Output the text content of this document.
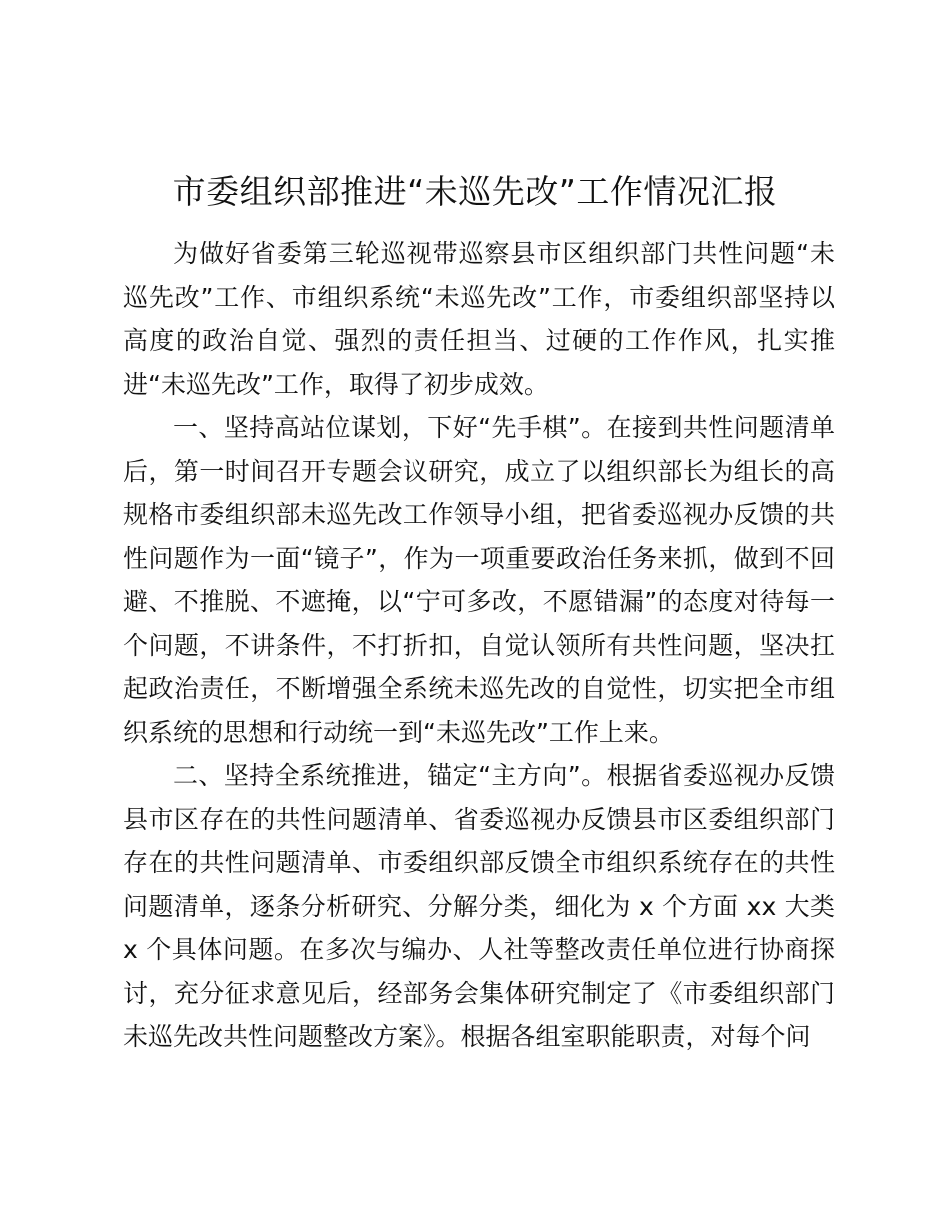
市委组织部推进“未巡先改”工作情况汇报

为做好省委第三轮巡视带巡察县市区组织部门共性问题“未巡先改”工作、市组织系统“未巡先改”工作，市委组织部坚持以高度的政治自觉、强烈的责任担当、过硬的工作作风，扎实推进“未巡先改”工作，取得了初步成效。

一、坚持高站位谋划，下好“先手棋”。在接到共性问题清单后，第一时间召开专题会议研究，成立了以组织部长为组长的高规格市委组织部未巡先改工作领导小组，把省委巡视办反馈的共性问题作为一面“镜子”，作为一项重要政治任务来抓，做到不回避、不推脱、不遮掩，以“宁可多改，不愿错漏”的态度对待每一个问题，不讲条件，不打折扣，自觉认领所有共性问题，坚决扛起政治责任，不断增强全系统未巡先改的自觉性，切实把全市组织系统的思想和行动统一到“未巡先改”工作上来。

二、坚持全系统推进，锚定“主方向”。根据省委巡视办反馈县市区存在的共性问题清单、省委巡视办反馈县市区委组织部门存在的共性问题清单、市委组织部反馈全市组织系统存在的共性问题清单，逐条分析研究、分解分类，细化为 x 个方面 xx 大类 x 个具体问题。在多次与编办、人社等整改责任单位进行协商探讨，充分征求意见后，经部务会集体研究制定了《市委组织部门未巡先改共性问题整改方案》。根据各组室职能职责，对每个问
